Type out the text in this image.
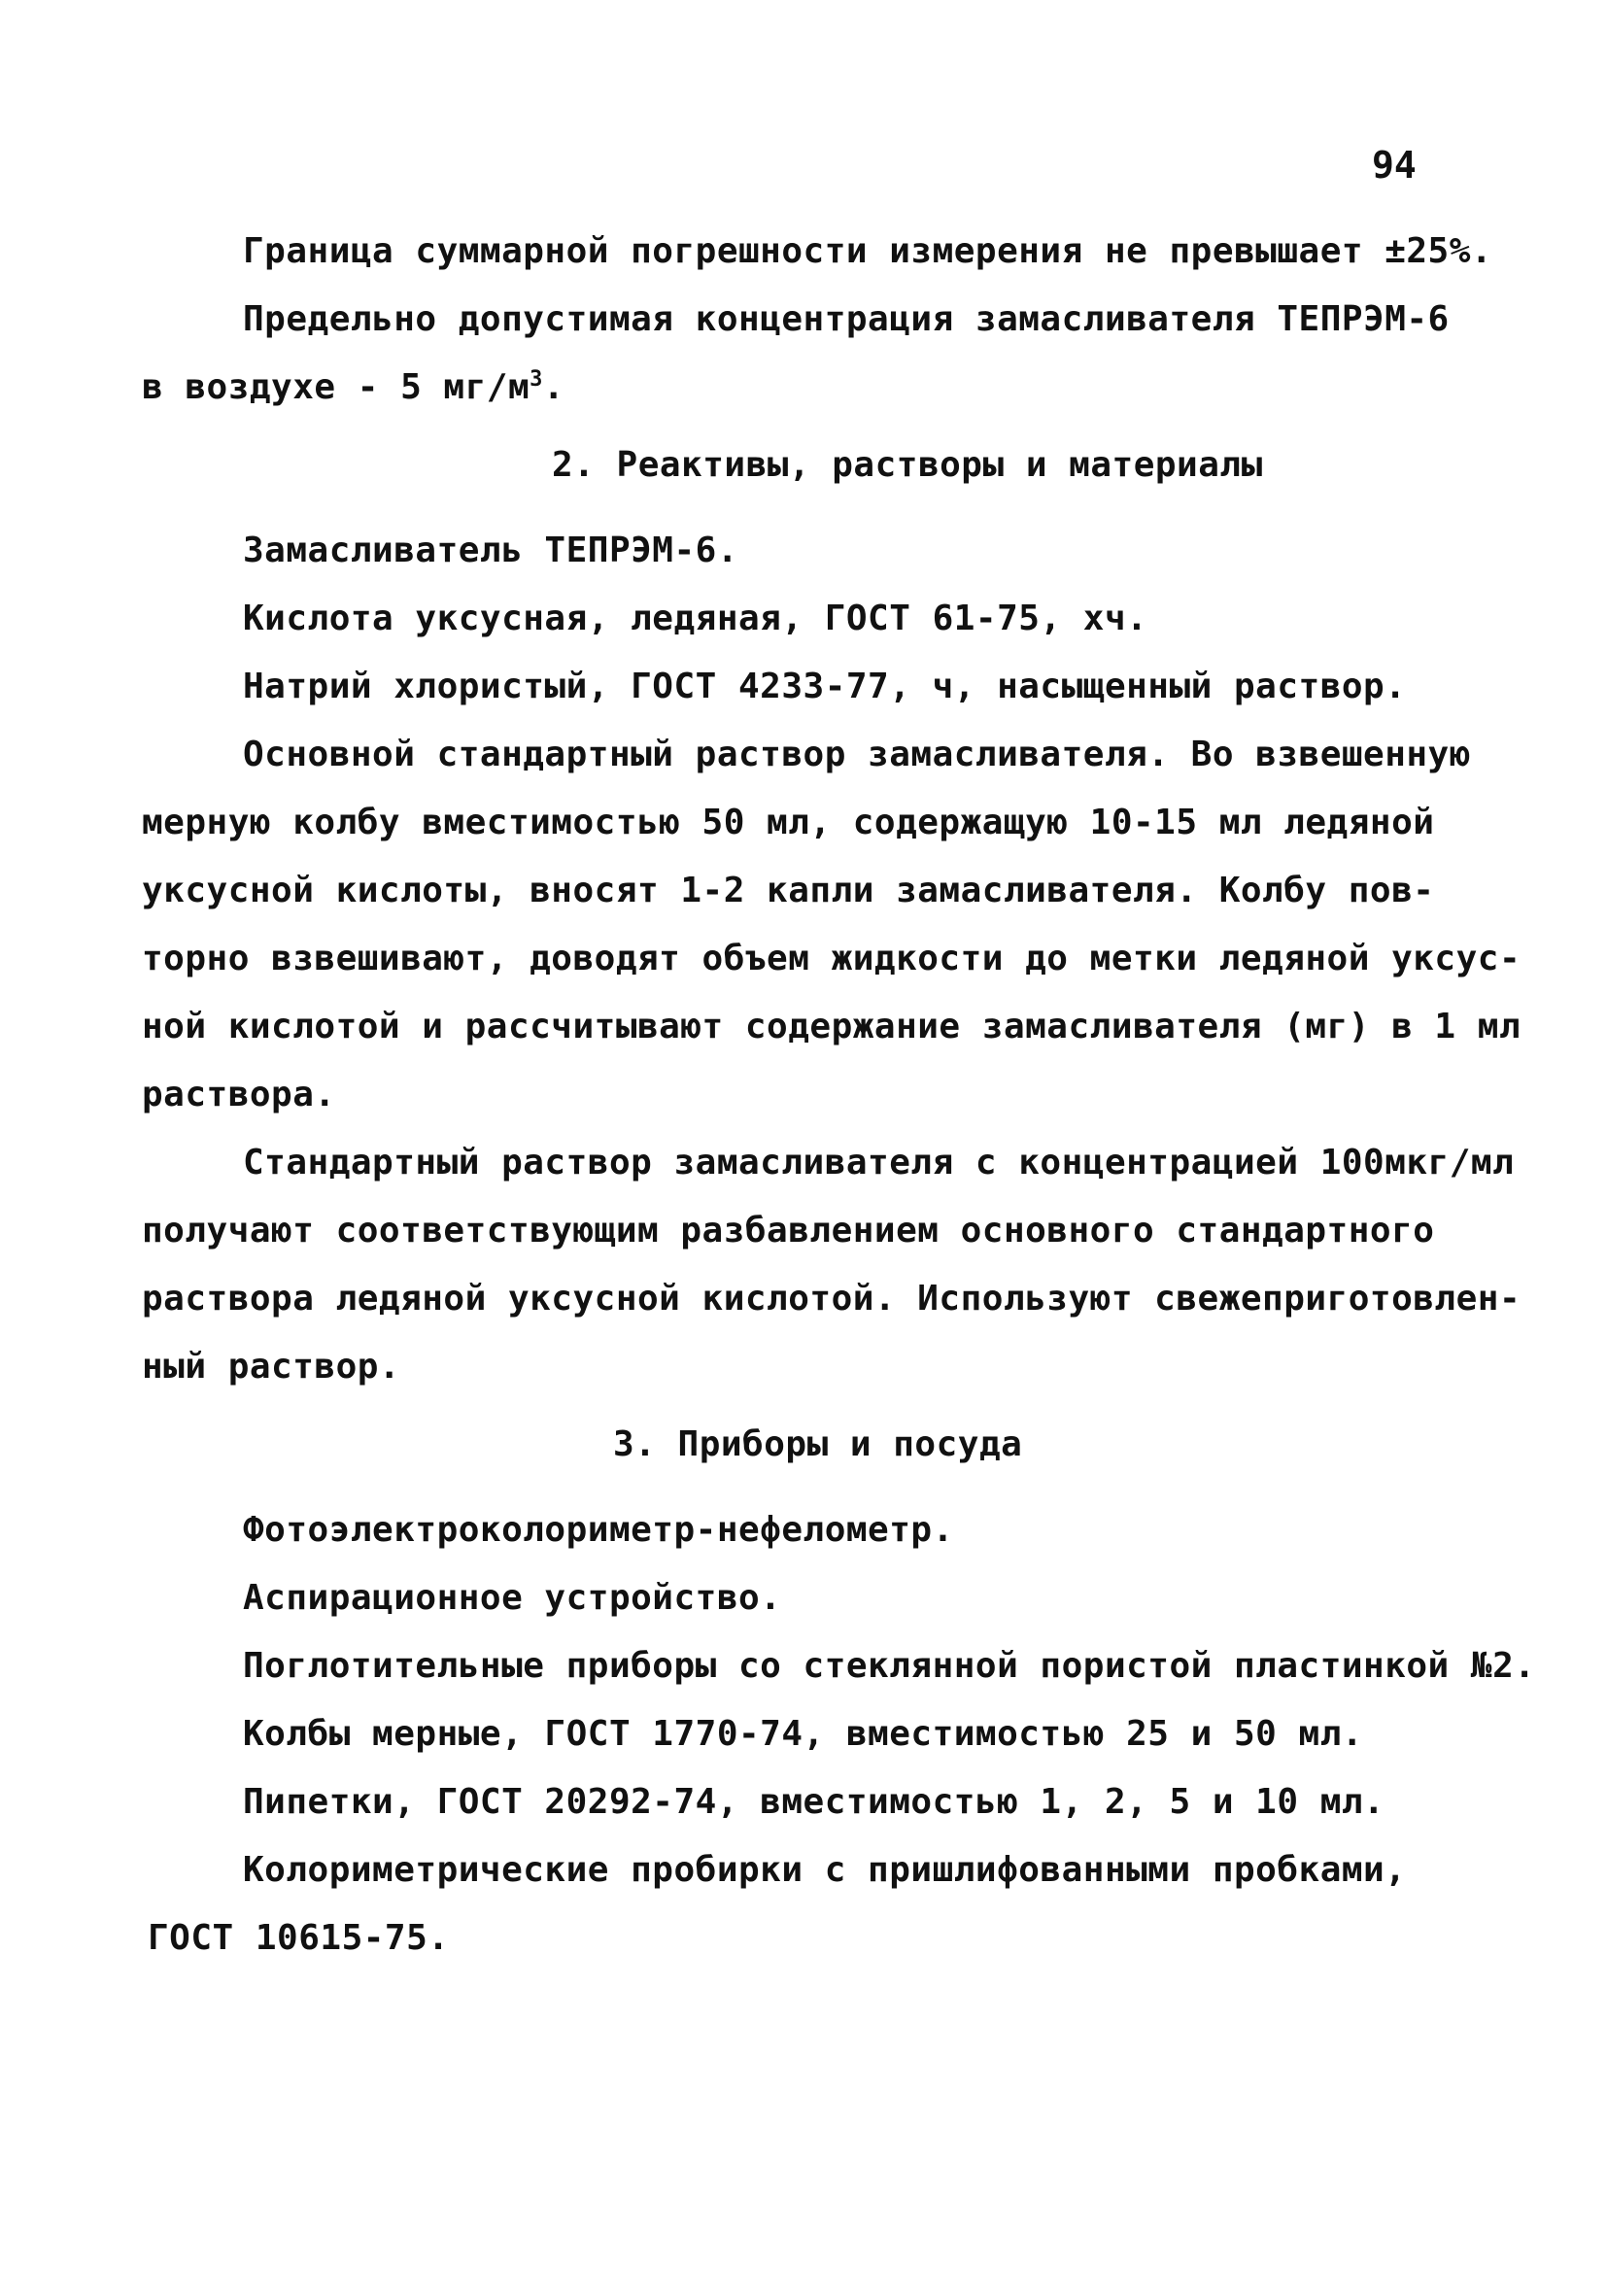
94
Граница суммарной погрешности измерения не превышает ±25%.
Предельно допустимая концентрация замасливателя ТЕПРЭМ-6
в воздухе - 5 $мг/м^3$.
2. Реактивы, растворы и материалы
Замасливатель ТЕПРЭМ-6.
Кислота уксусная, ледяная, ГОСТ 61-75, хч.
Натрий хлористый, ГОСТ 4233-77, ч, насыщенный раствор.
Основной стандартный раствор замасливателя. Во взвешенную
мерную колбу вместимостью 50 мл, содержащую 10-15 мл ледяной
уксусной кислоты, вносят 1-2 капли замасливателя. Колбу пов-
торно взвешивают, доводят объем жидкости до метки ледяной уксус-
ной кислотой и рассчитывают содержание замасливателя (мг) в 1 мл
раствора.
Стандартный раствор замасливателя с концентрацией 100мкг/мл
получают соответствующим разбавлением основного стандартного
раствора ледяной уксусной кислотой. Используют свежеприготовлен-
ный раствор.
3. Приборы и посуда
Фотоэлектроколориметр-нефелометр.
Аспирационное устройство.
Поглотительные приборы со стеклянной пористой пластинкой №2.
Колбы мерные, ГОСТ 1770-74, вместимостью 25 и 50 мл.
Пипетки, ГОСТ 20292-74, вместимостью 1, 2, 5 и 10 мл.
Колориметрические пробирки с пришлифованными пробками,
ГОСТ 10615-75.
